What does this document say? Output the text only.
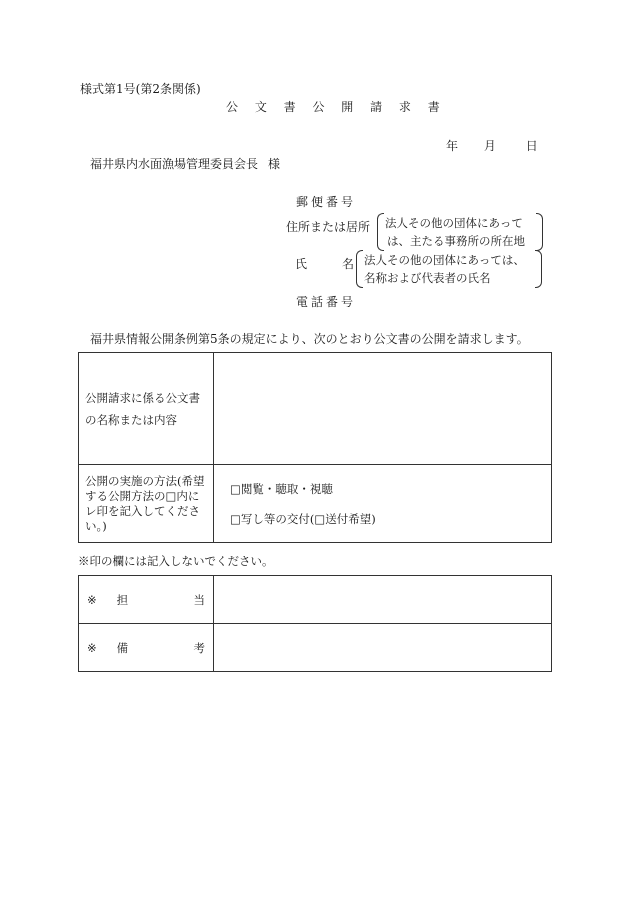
様式第1号(第2条関係)
公 文 書 公 開 請 求 書
年 月 日
福井県内水面漁場管理委員会長 様
郵便番号
住所または居所	法人その他の団体にあって
は、主たる事務所の所在地
氏	名 法人その他の団体にあっては、
名称および代表者の氏名
電話番号
福井県情報公開条例第5条の規定により、次のとおり公文書の公開を請求します。
公開請求に係る公文書
の名称または内容	

公開の実施の方法(希望する公開方法の□内にレ印を記入してください。)	□閲覧・聴取・視聴
□写し等の交付(□送付希望)
※印の欄には記入しないでください。
※ 担 当	

※ 備 考	
